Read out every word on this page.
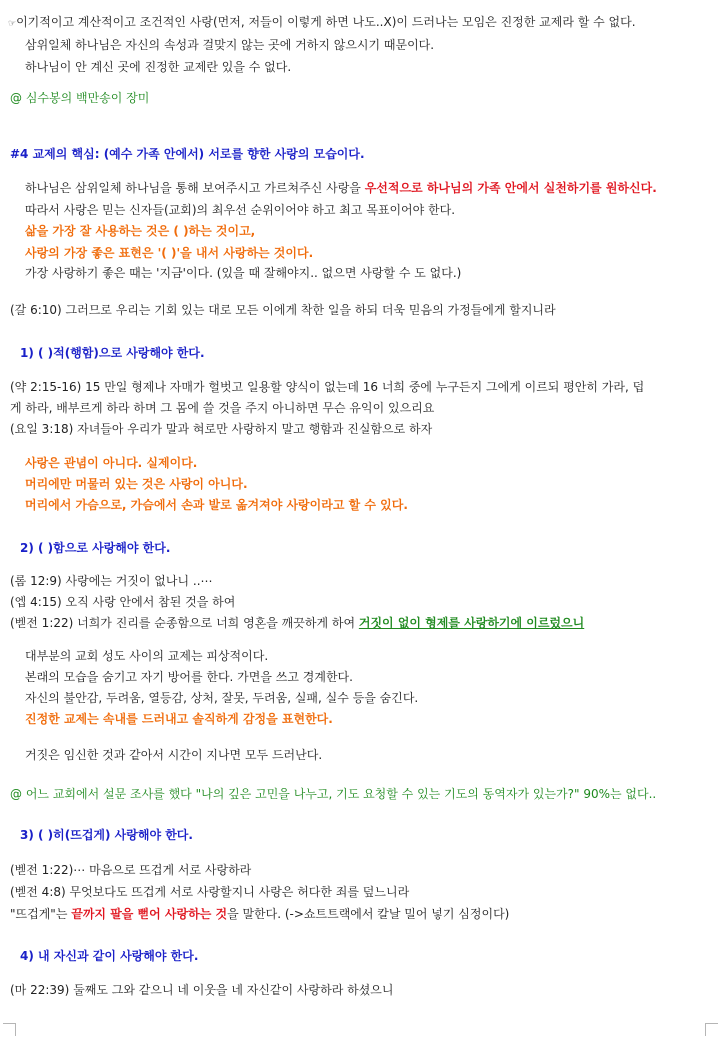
☞이기적이고 계산적이고 조건적인 사랑(먼저, 저들이 이렇게 하면 나도..X)이 드러나는 모임은 진정한 교제라 할 수 없다.
삼위일체 하나님은 자신의 속성과 걸맞지 않는 곳에 거하지 않으시기 때문이다.
하나님이 안 계신 곳에 진정한 교제란 있을 수 없다.
@ 심수봉의 백만송이 장미
#4 교제의 핵심: (예수 가족 안에서) 서로를 향한 사랑의 모습이다.
하나님은 삼위일체 하나님을 통해 보여주시고 가르쳐주신 사랑을 우선적으로 하나님의 가족 안에서 실천하기를 원하신다.
따라서 사랑은 믿는 신자들(교회)의 최우선 순위이어야 하고 최고 목표이어야 한다.
삶을 가장 잘 사용하는 것은 ( )하는 것이고,
사랑의 가장 좋은 표현은 '( )'을 내서 사랑하는 것이다.
가장 사랑하기 좋은 때는 '지금'이다. (있을 때 잘해야지.. 없으면 사랑할 수 도 없다.)
(갈 6:10) 그러므로 우리는 기회 있는 대로 모든 이에게 착한 일을 하되 더욱 믿음의 가정들에게 할지니라
1) ( )적(행함)으로 사랑해야 한다.
(약 2:15-16) 15 만일 형제나 자매가 헐벗고 일용할 양식이 없는데 16 너희 중에 누구든지 그에게 이르되 평안히 가라, 덥
게 하라, 배부르게 하라 하며 그 몸에 쓸 것을 주지 아니하면 무슨 유익이 있으리요
(요일 3:18) 자녀들아 우리가 말과 혀로만 사랑하지 말고 행함과 진실함으로 하자
사랑은 관념이 아니다. 실제이다.
머리에만 머물러 있는 것은 사랑이 아니다.
머리에서 가슴으로, 가슴에서 손과 발로 옮겨져야 사랑이라고 할 수 있다.
2) ( )함으로 사랑해야 한다.
(롬 12:9) 사랑에는 거짓이 없나니 ..⋯
(엡 4:15) 오직 사랑 안에서 참된 것을 하여
(벧전 1:22) 너희가 진리를 순종함으로 너희 영혼을 깨끗하게 하여 거짓이 없이 형제를 사랑하기에 이르렀으니
대부분의 교회 성도 사이의 교제는 피상적이다.
본래의 모습을 숨기고 자기 방어를 한다. 가면을 쓰고 경계한다.
자신의 불안감, 두려움, 열등감, 상처, 잘못, 두려움, 실패, 실수 등을 숨긴다.
진정한 교제는 속내를 드러내고 솔직하게 감정을 표현한다.
거짓은 임신한 것과 같아서 시간이 지나면 모두 드러난다.
@ 어느 교회에서 설문 조사를 했다 "나의 깊은 고민을 나누고, 기도 요청할 수 있는 기도의 동역자가 있는가?" 90%는 없다..
3) ( )히(뜨겁게) 사랑해야 한다.
(벧전 1:22)⋯ 마음으로 뜨겁게 서로 사랑하라
(벧전 4:8) 무엇보다도 뜨겁게 서로 사랑할지니 사랑은 허다한 죄를 덮느니라
"뜨겁게"는 끝까지 팔을 뻗어 사랑하는 것을 말한다. (->쇼트트랙에서 칼날 밀어 넣기 심정이다)
4) 내 자신과 같이 사랑해야 한다.
(마 22:39) 둘째도 그와 같으니 네 이웃을 네 자신같이 사랑하라 하셨으니
